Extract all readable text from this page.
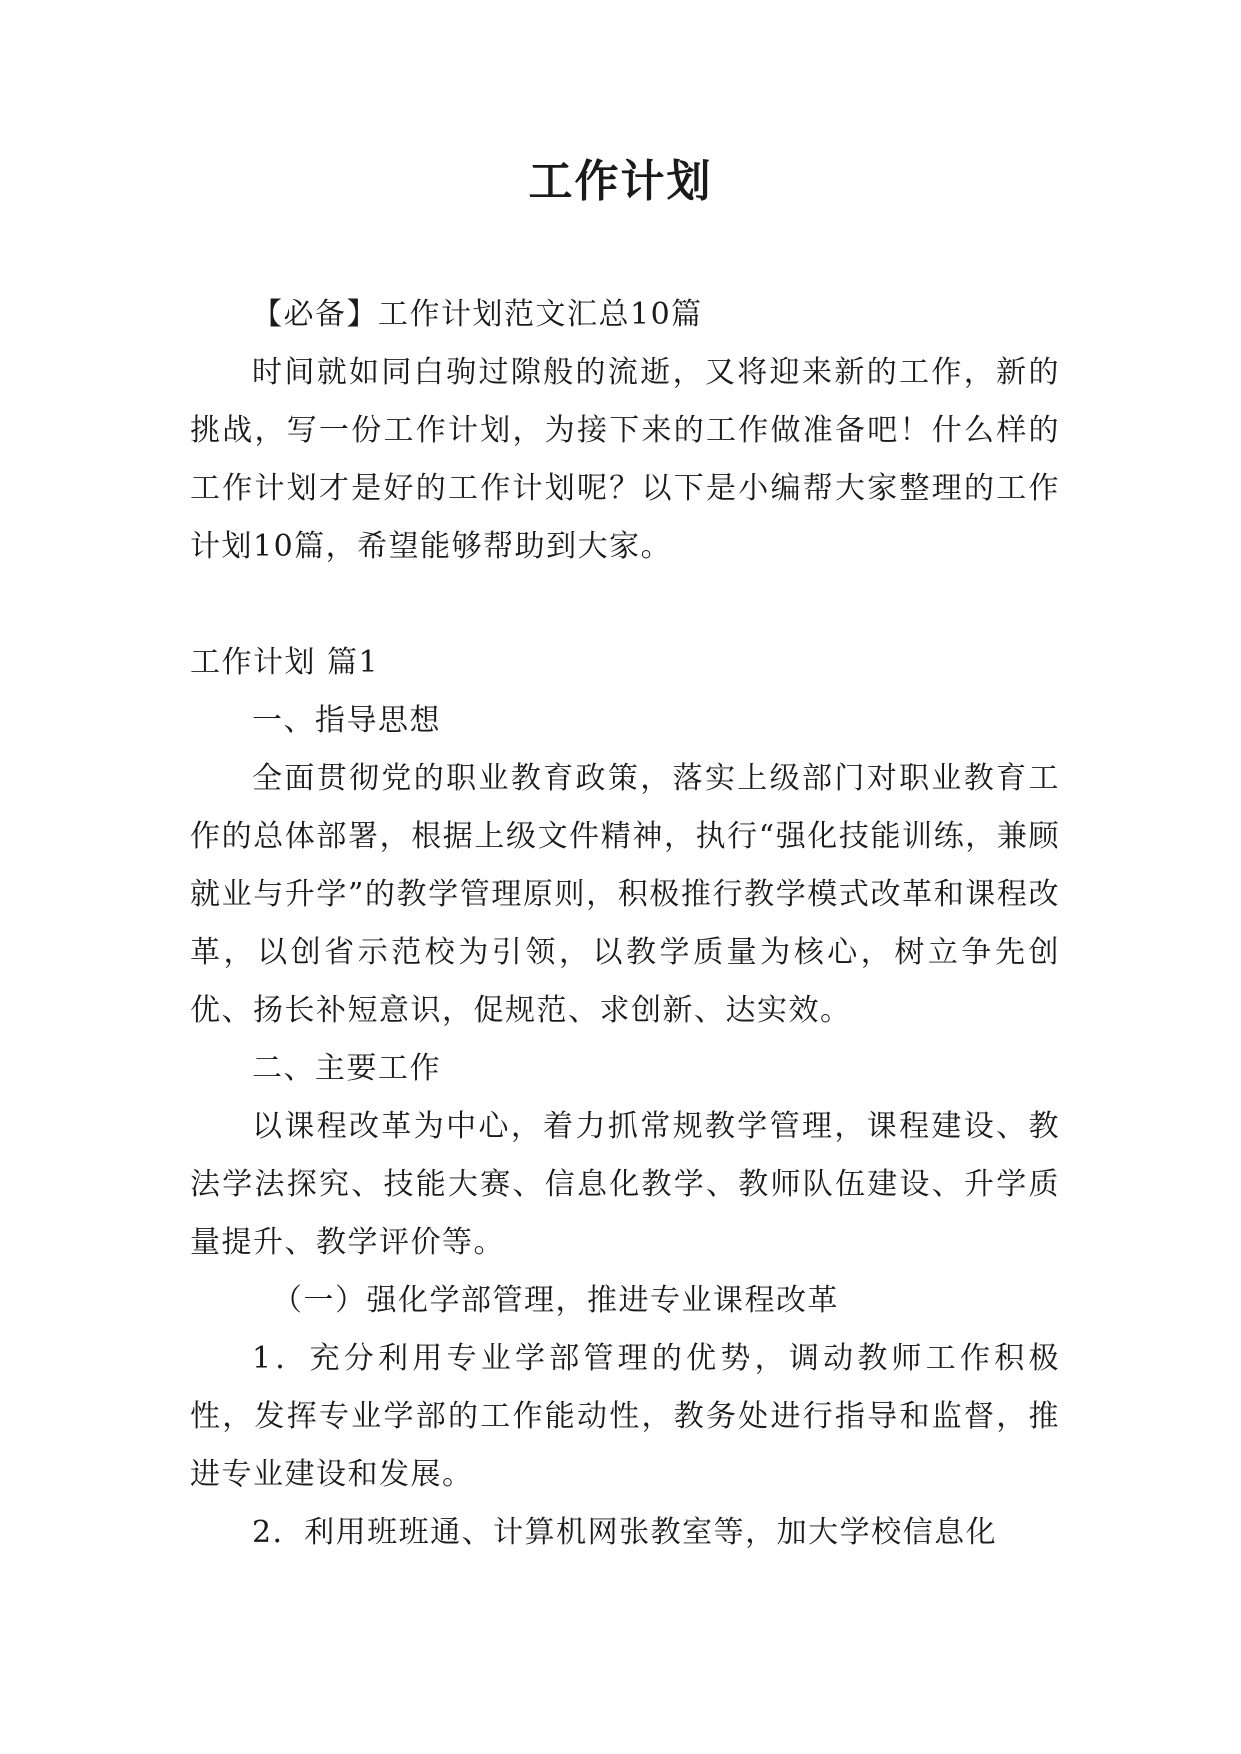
工作计划

【必备】工作计划范文汇总10篇

时间就如同白驹过隙般的流逝，又将迎来新的工作，新的挑战，写一份工作计划，为接下来的工作做准备吧！什么样的工作计划才是好的工作计划呢？以下是小编帮大家整理的工作计划10篇，希望能够帮助到大家。

工作计划 篇1

一、指导思想

全面贯彻党的职业教育政策，落实上级部门对职业教育工作的总体部署，根据上级文件精神，执行“强化技能训练，兼顾就业与升学”的教学管理原则，积极推行教学模式改革和课程改革，以创省示范校为引领，以教学质量为核心，树立争先创优、扬长补短意识，促规范、求创新、达实效。

二、主要工作

以课程改革为中心，着力抓常规教学管理，课程建设、教法学法探究、技能大赛、信息化教学、教师队伍建设、升学质量提升、教学评价等。

（一）强化学部管理，推进专业课程改革

1．充分利用专业学部管理的优势，调动教师工作积极性，发挥专业学部的工作能动性，教务处进行指导和监督，推进专业建设和发展。

2．利用班班通、计算机网张教室等，加大学校信息化
